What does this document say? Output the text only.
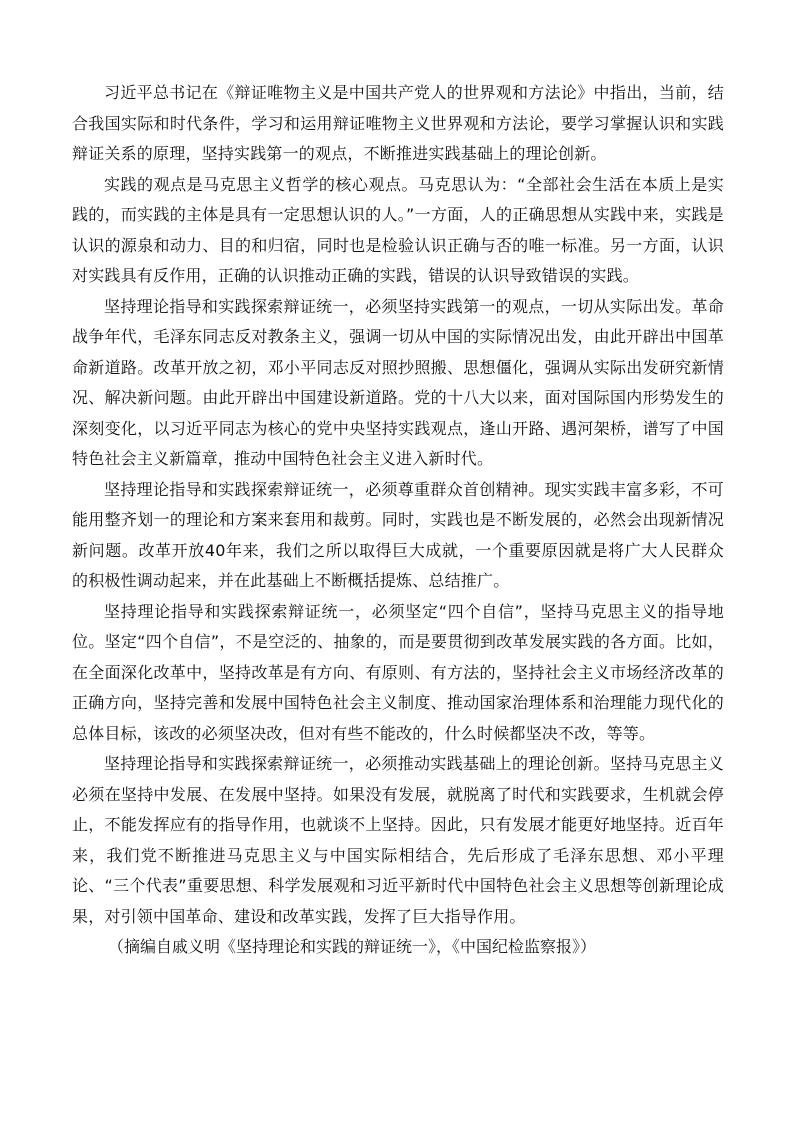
习近平总书记在《辩证唯物主义是中国共产党人的世界观和方法论》中指出，当前，结合我国实际和时代条件，学习和运用辩证唯物主义世界观和方法论，要学习掌握认识和实践辩证关系的原理，坚持实践第一的观点，不断推进实践基础上的理论创新。

实践的观点是马克思主义哲学的核心观点。马克思认为：“全部社会生活在本质上是实践的，而实践的主体是具有一定思想认识的人。”一方面，人的正确思想从实践中来，实践是认识的源泉和动力、目的和归宿，同时也是检验认识正确与否的唯一标准。另一方面，认识对实践具有反作用，正确的认识推动正确的实践，错误的认识导致错误的实践。

坚持理论指导和实践探索辩证统一，必须坚持实践第一的观点，一切从实际出发。革命战争年代，毛泽东同志反对教条主义，强调一切从中国的实际情况出发，由此开辟出中国革命新道路。改革开放之初，邓小平同志反对照抄照搬、思想僵化，强调从实际出发研究新情况、解决新问题。由此开辟出中国建设新道路。党的十八大以来，面对国际国内形势发生的深刻变化，以习近平同志为核心的党中央坚持实践观点，逢山开路、遇河架桥，谱写了中国特色社会主义新篇章，推动中国特色社会主义进入新时代。

坚持理论指导和实践探索辩证统一，必须尊重群众首创精神。现实实践丰富多彩，不可能用整齐划一的理论和方案来套用和裁剪。同时，实践也是不断发展的，必然会出现新情况新问题。改革开放40年来，我们之所以取得巨大成就，一个重要原因就是将广大人民群众的积极性调动起来，并在此基础上不断概括提炼、总结推广。

坚持理论指导和实践探索辩证统一，必须坚定“四个自信”，坚持马克思主义的指导地位。坚定“四个自信”，不是空泛的、抽象的，而是要贯彻到改革发展实践的各方面。比如，在全面深化改革中，坚持改革是有方向、有原则、有方法的，坚持社会主义市场经济改革的正确方向，坚持完善和发展中国特色社会主义制度、推动国家治理体系和治理能力现代化的总体目标，该改的必须坚决改，但对有些不能改的，什么时候都坚决不改，等等。

坚持理论指导和实践探索辩证统一，必须推动实践基础上的理论创新。坚持马克思主义必须在坚持中发展、在发展中坚持。如果没有发展，就脱离了时代和实践要求，生机就会停止，不能发挥应有的指导作用，也就谈不上坚持。因此，只有发展才能更好地坚持。近百年来，我们党不断推进马克思主义与中国实际相结合，先后形成了毛泽东思想、邓小平理论、“三个代表”重要思想、科学发展观和习近平新时代中国特色社会主义思想等创新理论成果，对引领中国革命、建设和改革实践，发挥了巨大指导作用。

（摘编自戚义明《坚持理论和实践的辩证统一》，《中国纪检监察报》）
